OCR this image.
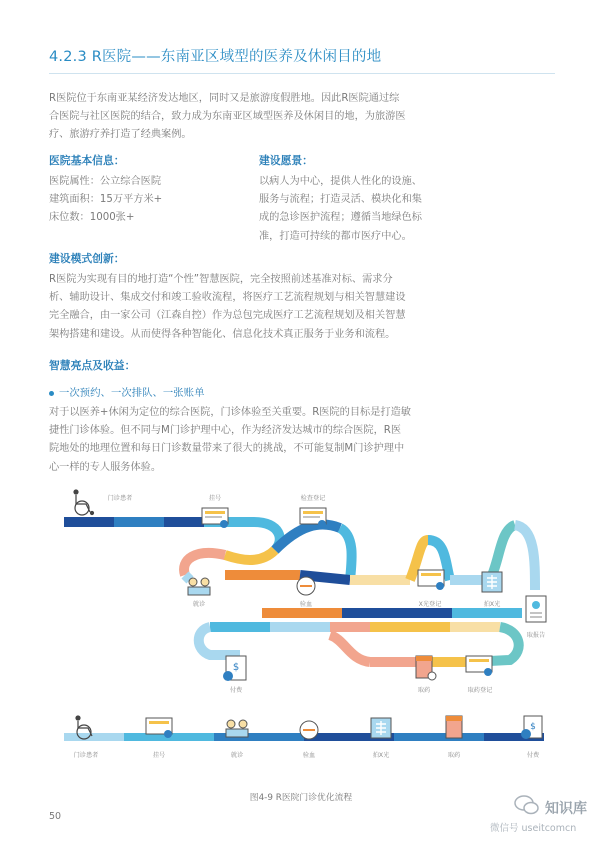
4.2.3 R医院——东南亚区域型的医养及休闲目的地
R医院位于东南亚某经济发达地区，同时又是旅游度假胜地。因此R医院通过综
合医院与社区医院的结合，致力成为东南亚区域型医养及休闲目的地，为旅游医
疗、旅游疗养打造了经典案例。
医院基本信息：
医院属性：公立综合医院
建筑面积：15万平方米+
床位数：1000张+
建设愿景：
以病人为中心，提供人性化的设施、
服务与流程；打造灵活、模块化和集
成的急诊医护流程；遵循当地绿色标
准，打造可持续的都市医疗中心。
建设模式创新：
R医院为实现有目的地打造“个性”智慧医院，完全按照前述基准对标、需求分
析、辅助设计、集成交付和竣工验收流程，将医疗工艺流程规划与相关智慧建设
完全融合，由一家公司（江森自控）作为总包完成医疗工艺流程规划及相关智慧
架构搭建和建设。从而使得各种智能化、信息化技术真正服务于业务和流程。
智慧亮点及收益：
一次预约、一次排队、一张账单
对于以医养+休闲为定位的综合医院，门诊体验至关重要。R医院的目标是打造敏
捷性门诊体验。但不同与M门诊护理中心，作为经济发达城市的综合医院，R医
院地处的地理位置和每日门诊数量带来了很大的挑战，不可能复制M门诊护理中
心一样的专人服务体验。
$
$
门诊患者	挂号	检查登记
就诊	验血	X光登记	拍X光
取报告
付费	取药	取药登记
门诊患者	挂号	就诊	验血	拍X光	取药	付费
图4-9 R医院门诊优化流程
50	知识库
微信号 useitcomcn
